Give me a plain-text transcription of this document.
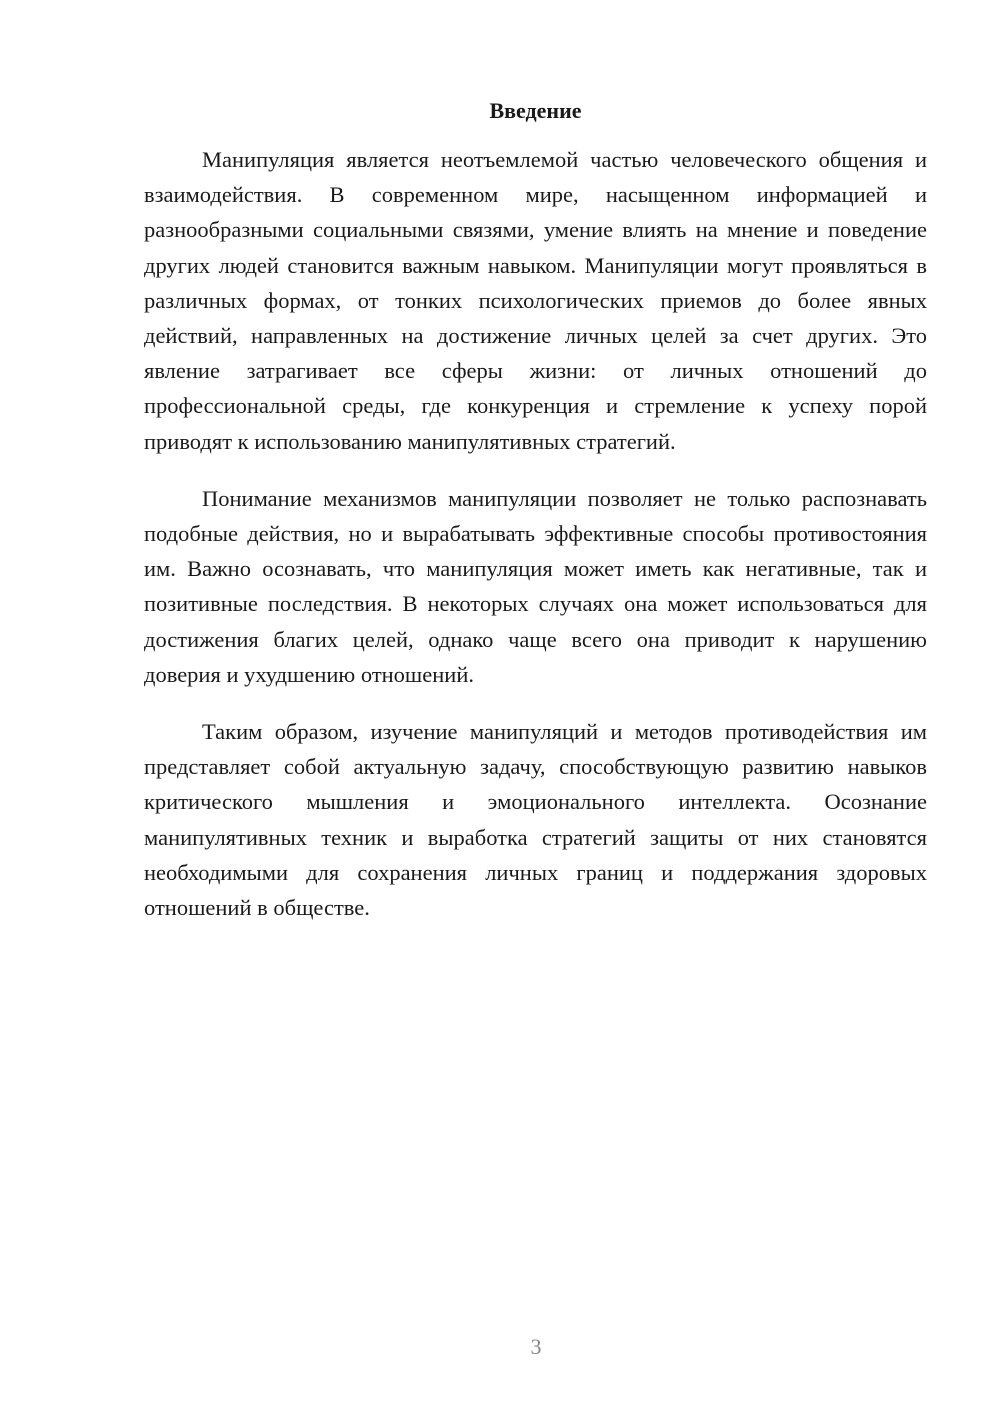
Введение

Манипуляция является неотъемлемой частью человеческого общения и взаимодействия. В современном мире, насыщенном информацией и разнообразными социальными связями, умение влиять на мнение и поведение других людей становится важным навыком. Манипуляции могут проявляться в различных формах, от тонких психологических приемов до более явных действий, направленных на достижение личных целей за счет других. Это явление затрагивает все сферы жизни: от личных отношений до профессиональной среды, где конкуренция и стремление к успеху порой приводят к использованию манипулятивных стратегий.

Понимание механизмов манипуляции позволяет не только распознавать подобные действия, но и вырабатывать эффективные способы противостояния им. Важно осознавать, что манипуляция может иметь как негативные, так и позитивные последствия. В некоторых случаях она может использоваться для достижения благих целей, однако чаще всего она приводит к нарушению доверия и ухудшению отношений.

Таким образом, изучение манипуляций и методов противодействия им представляет собой актуальную задачу, способствующую развитию навыков критического мышления и эмоционального интеллекта. Осознание манипулятивных техник и выработка стратегий защиты от них становятся необходимыми для сохранения личных границ и поддержания здоровых отношений в обществе.

3
